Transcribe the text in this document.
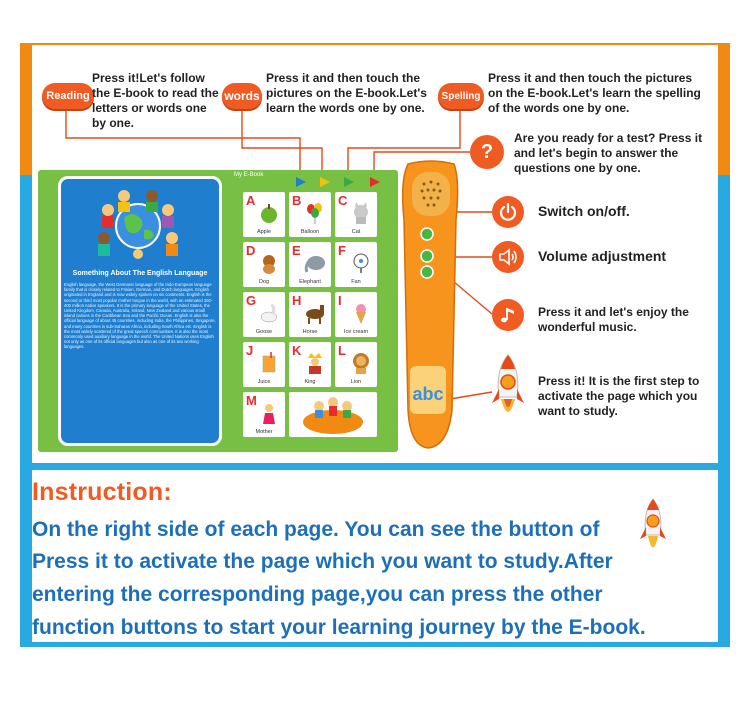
Reading
Press it!Let's follow the E-book to read the letters or words one by one.
words
Press it and then touch the pictures on the E-book.Let's learn the words one by one.
Spelling
Press it and then touch the pictures on the E-book.Let's learn the spelling of the words one by one.
?
Are you ready for a test? Press it and let's begin to answer the questions one by one.
Switch on/off.
Volume adjustment
Press it and let's enjoy the wonderful music.
Press it! It is the first step to activate the page which you want to study.
My E-Book
Something About The English Language
English language, the West Germanic language of the Indo-European language family that is closely related to Frisian, German, and Dutch languages. English originated in England and is now widely spoken on six continents. English is the second or third most popular mother tongue in the world, with an estimated 350-400 million native speakers. It is the primary language of the United States, the United Kingdom, Canada, Australia, Ireland, New Zealand and various small island nations in the Caribbean Sea and the Pacific Ocean. English is also the official language of about 45 countries, including India, the Philippines, Singapore, and many countries in sub-Saharan Africa, including South Africa etc. English is the most widely scattered of the great speech communities. It is also the most commonly used auxiliary language in the world. The United Nations uses English not only as one of its official languages but also as one of its two working languages.
A
Apple
B
Balloon
C
Cat
D
Dog
E
Elephant
F
Fan
G
Goose
H
Horse
I
Ice cream
J
Juice
K
King
L
Lion
M
Mother
abc
Instruction:
On the right side of each page. You can see the button of
Press it to activate the page which you want to study.After
entering the corresponding page,you can press the other
function buttons to start your learning journey by the E-book.
